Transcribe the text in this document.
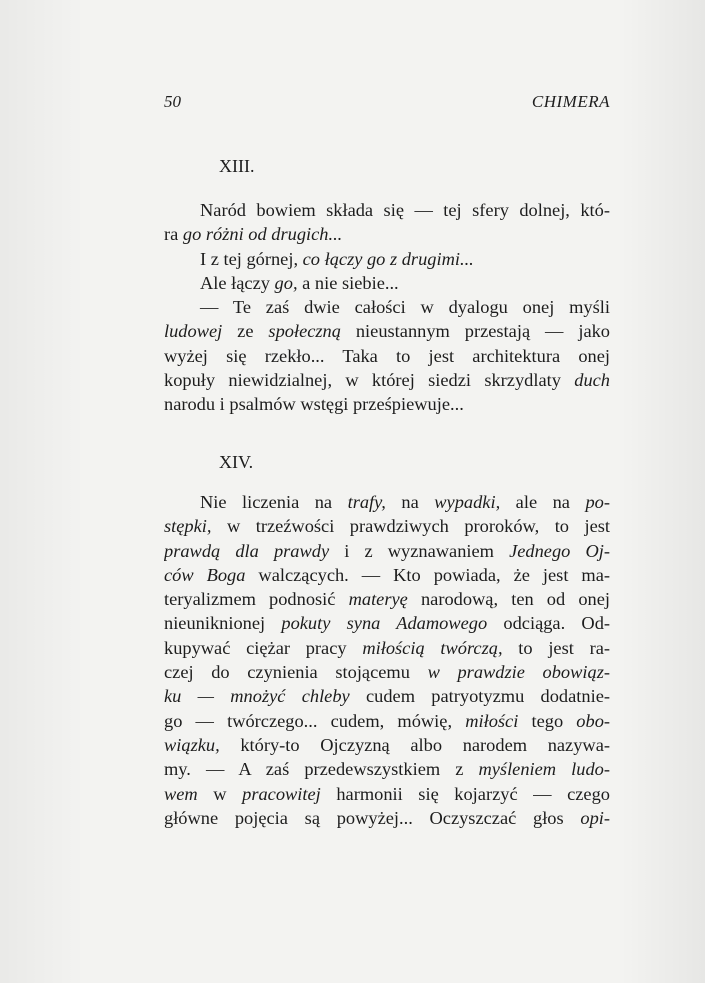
50	CHIMERA
XIII.
Naród bowiem składa się — tej sfery dolnej, któ-
ra go różni od drugich...
I z tej górnej, co łączy go z drugimi...
Ale łączy go, a nie siebie...
— Te zaś dwie całości w dyalogu onej myśli
ludowej ze społeczną nieustannym przestają — jako
wyżej się rzekło... Taka to jest architektura onej
kopuły niewidzialnej, w której siedzi skrzydlaty duch
narodu i psalmów wstęgi prześpiewuje...
XIV.
Nie liczenia na trafy, na wypadki, ale na po-
stępki, w trzeźwości prawdziwych proroków, to jest
prawdą dla prawdy i z wyznawaniem Jednego Oj-
ców Boga walczących. — Kto powiada, że jest ma-
teryalizmem podnosić materyę narodową, ten od onej
nieuniknionej pokuty syna Adamowego odciąga. Od-
kupywać ciężar pracy miłością twórczą, to jest ra-
czej do czynienia stojącemu w prawdzie obowiąz-
ku — mnożyć chleby cudem patryotyzmu dodatnie-
go — twórczego... cudem, mówię, miłości tego obo-
wiązku, który-to Ojczyzną albo narodem nazywa-
my. — A zaś przedewszystkiem z myśleniem ludo-
wem w pracowitej harmonii się kojarzyć — czego
główne pojęcia są powyżej... Oczyszczać głos opi-
